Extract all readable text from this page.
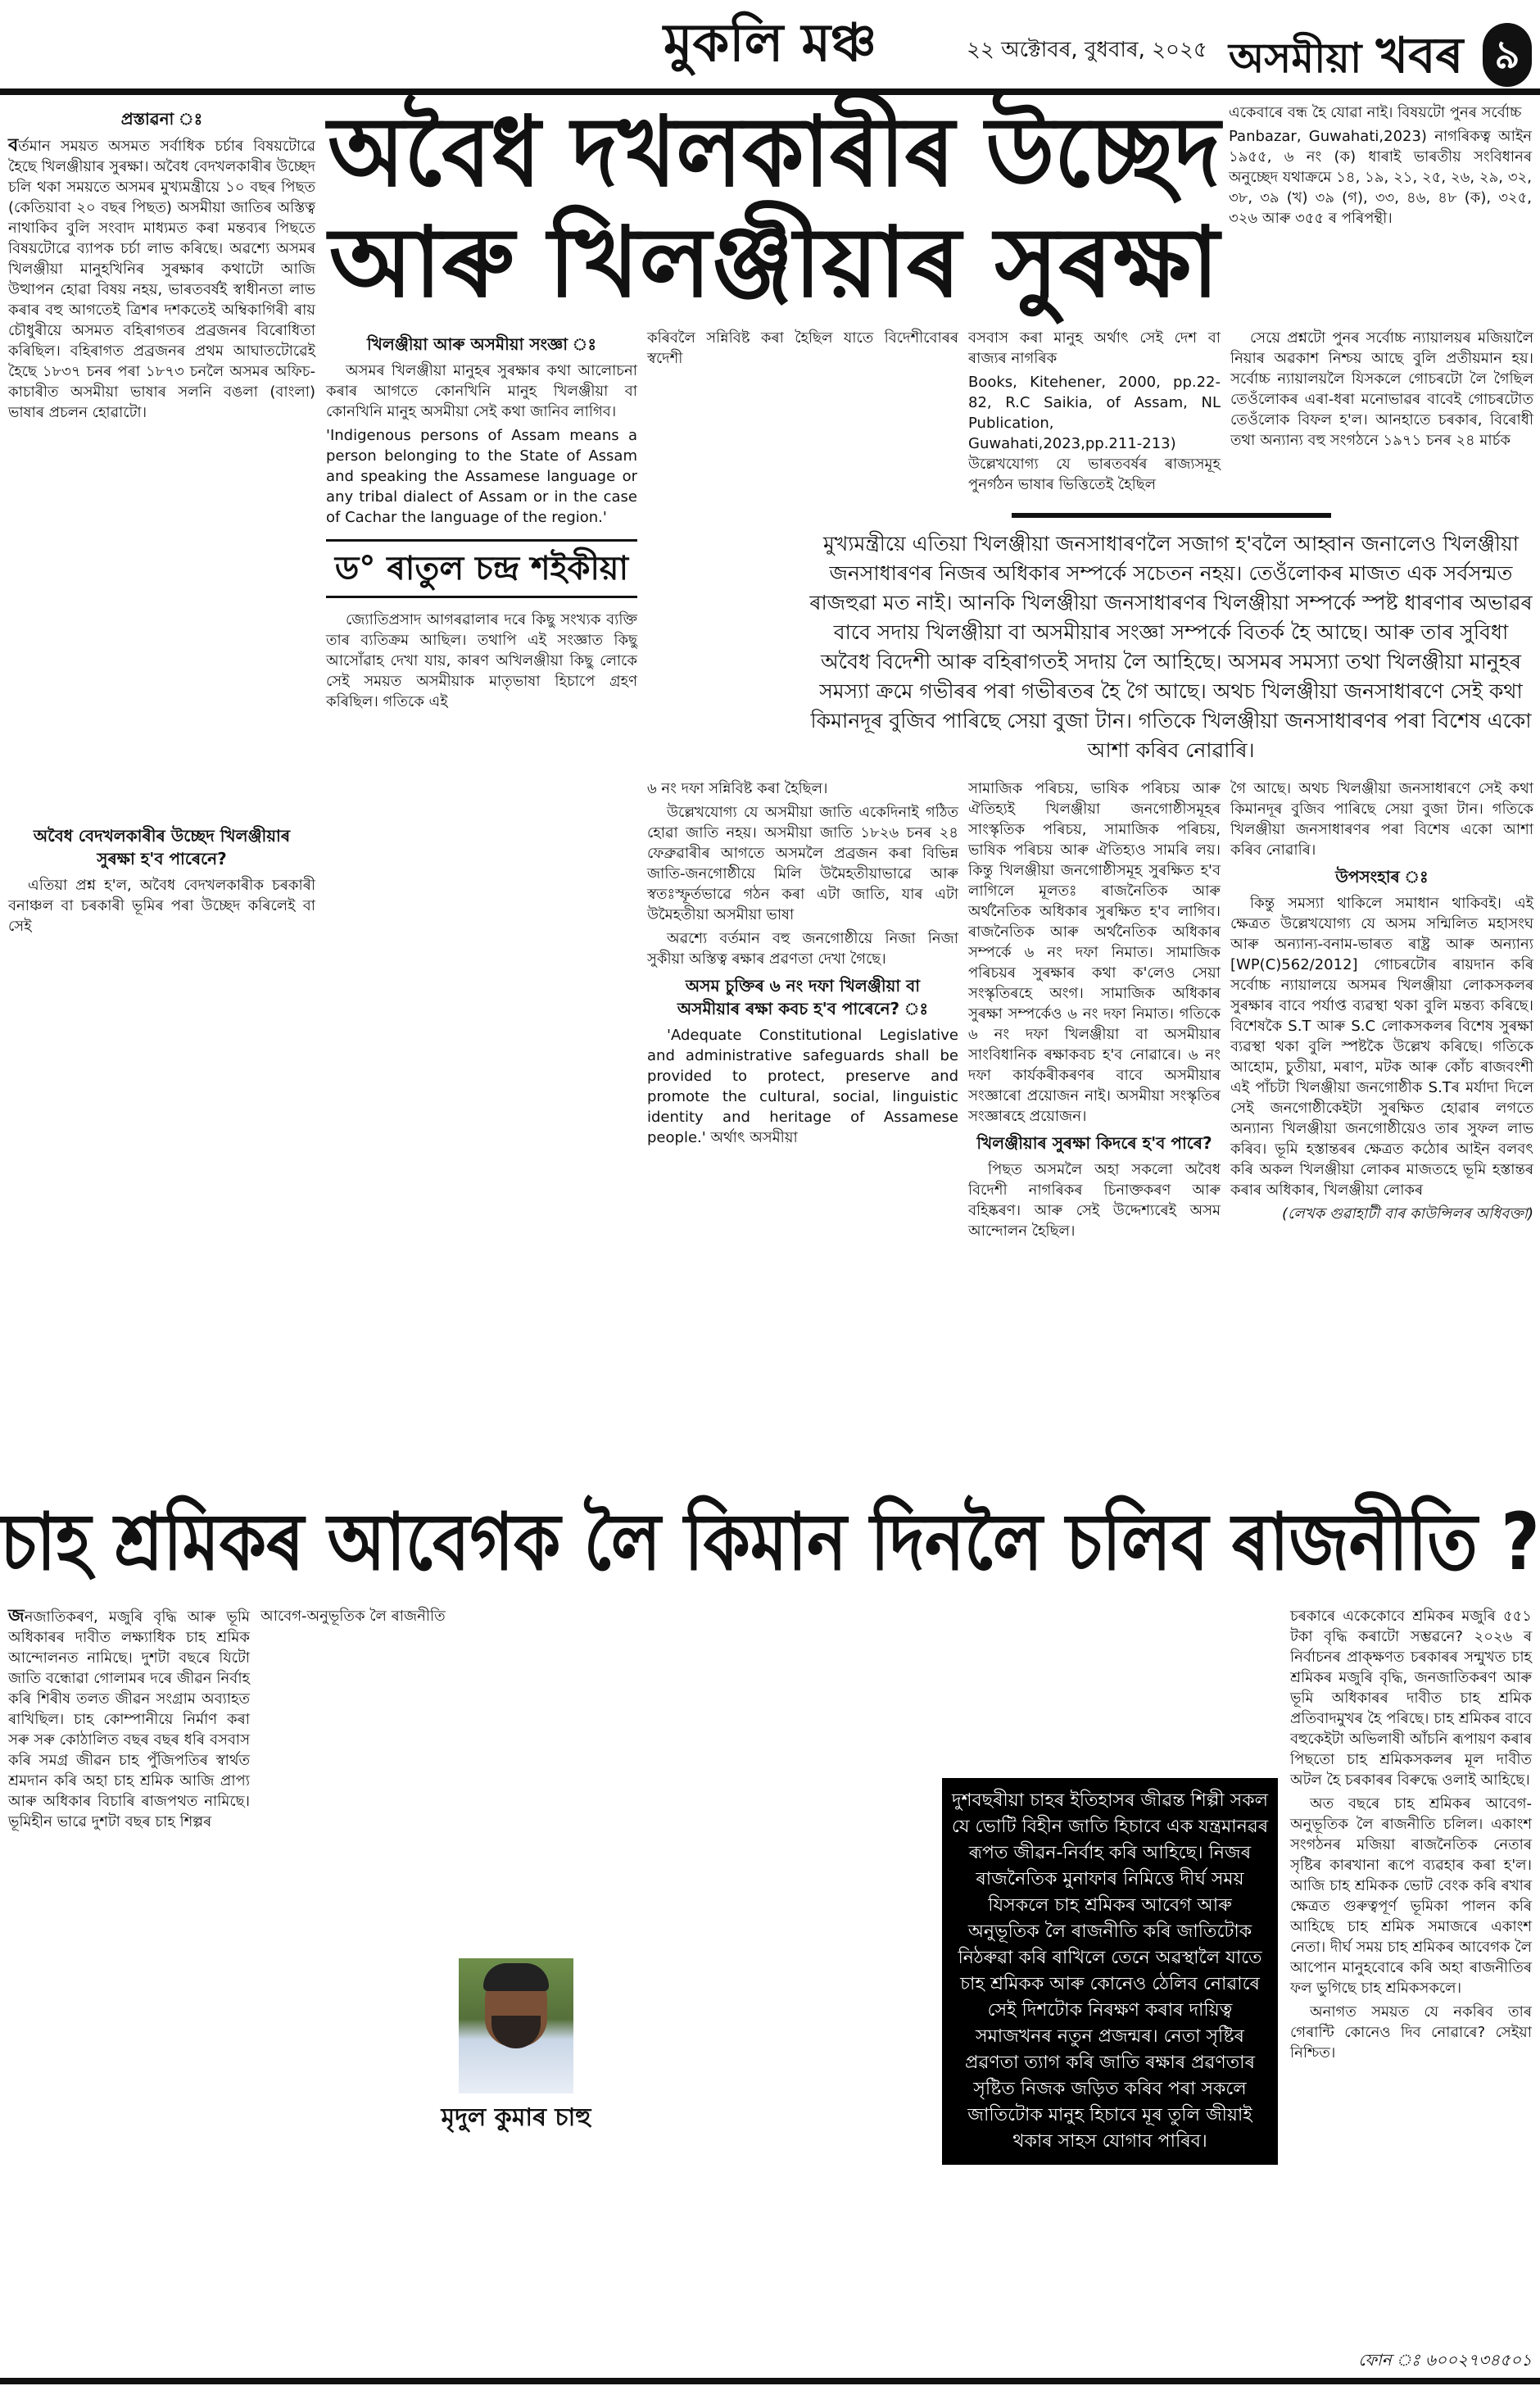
মুকলি মঞ্চ	২২ অক্টোবৰ, বুধবাৰ, ২০২৫ অসমীয়া খবৰ ৯
অবৈধ দখলকাৰীৰ উচ্ছেদ
আৰু খিলঞ্জীয়াৰ সুৰক্ষা
প্ৰস্তাৱনা ঃ

বৰ্তমান সময়ত অসমত সৰ্বাধিক চৰ্চাৰ বিষয়টোৱে হৈছে খিলঞ্জীয়াৰ সুৰক্ষা। অবৈধ বেদখলকাৰীৰ উচ্ছেদ চলি থকা সময়তে অসমৰ মুখ্যমন্ত্ৰীয়ে ১০ বছৰ পিছত (কেতিয়াবা ২০ বছৰ পিছত) অসমীয়া জাতিৰ অস্তিত্ব নাথাকিব বুলি সংবাদ মাধ্যমত কৰা মন্তব্যৰ পিছতে বিষয়টোৱে ব্যাপক চৰ্চা লাভ কৰিছে। অৱশ্যে অসমৰ খিলঞ্জীয়া মানুহখিনিৰ সুৰক্ষাৰ কথাটো আজি উত্থাপন হোৱা বিষয় নহয়, ভাৰতবৰ্ষই স্বাধীনতা লাভ কৰাৰ বহু আগতেই ত্ৰিশৰ দশকতেই অম্বিকাগিৰী ৰায় চৌধুৰীয়ে অসমত বহিৰাগতৰ প্ৰব্ৰজনৰ বিৰোধিতা কৰিছিল। বহিৰাগত প্ৰব্ৰজনৰ প্ৰথম আঘাতটোৱেই হৈছে ১৮৩৭ চনৰ পৰা ১৮৭৩ চনলৈ অসমৰ অফিচ-কাচাৰীত অসমীয়া ভাষাৰ সলনি বঙলা (বাংলা) ভাষাৰ প্ৰচলন হোৱাটো।

অবৈধ বেদখলকাৰীৰ উচ্ছেদ খিলঞ্জীয়াৰ
সুৰক্ষা হ'ব পাৰেনে?

এতিয়া প্ৰশ্ন হ'ল, অবৈধ বেদখলকাৰীক চৰকাৰী বনাঞ্চল বা চৰকাৰী ভূমিৰ পৰা উচ্ছেদ কৰিলেই বা সেই

খিলঞ্জীয়া আৰু অসমীয়া সংজ্ঞা ঃ

অসমৰ খিলঞ্জীয়া মানুহৰ সুৰক্ষাৰ কথা আলোচনা কৰাৰ আগতে কোনখিনি মানুহ খিলঞ্জীয়া বা কোনখিনি মানুহ অসমীয়া সেই কথা জানিব লাগিব।

'Indigenous persons of Assam means a person belonging to the State of Assam and speaking the Assamese language or any tribal dialect of Assam or in the case of Cachar the language of the region.'

ড° ৰাতুল চন্দ্ৰ শইকীয়া

জ্যোতিপ্ৰসাদ আগৰৱালাৰ দৰে কিছু সংখ্যক ব্যক্তি তাৰ ব্যতিক্ৰম আছিল। তথাপি এই সংজ্ঞাত কিছু আসোঁৱাহ দেখা যায়, কাৰণ অখিলঞ্জীয়া কিছু লোকে সেই সময়ত অসমীয়াক মাতৃভাষা হিচাপে গ্ৰহণ কৰিছিল। গতিকে এই

একেবাৰে বন্ধ হৈ যোৱা নাই। বিষয়টো পুনৰ সৰ্বোচ্চ

Panbazar, Guwahati,2023) নাগৰিকত্ব আইন ১৯৫৫, ৬ নং (ক) ধাৰাই ভাৰতীয় সংবিধানৰ অনুচ্ছেদ যথাক্ৰমে ১৪, ১৯, ২১, ২৫, ২৬, ২৯, ৩২, ৩৮, ৩৯ (খ) ৩৯ (গ), ৩৩, ৪৬, ৪৮ (ক), ৩২৫, ৩২৬ আৰু ৩৫৫ ৰ পৰিপন্থী।

কৰিবলৈ সন্নিবিষ্ট কৰা হৈছিল যাতে বিদেশীবোৰৰ স্বদেশী

বসবাস কৰা মানুহ অৰ্থাৎ সেই দেশ বা ৰাজ্যৰ নাগৰিক

Books, Kitehener, 2000, pp.22-82, R.C Saikia, of Assam, NL Publication, Guwahati,2023,pp.211-213) উল্লেখযোগ্য যে ভাৰতবৰ্ষৰ ৰাজ্যসমূহ পুনৰ্গঠন ভাষাৰ ভিত্তিতেই হৈছিল

সেয়ে প্ৰশ্নটো পুনৰ সৰ্বোচ্চ ন্যায়ালয়ৰ মজিয়ালৈ নিয়াৰ অৱকাশ নিশ্চয় আছে বুলি প্ৰতীয়মান হয়। সৰ্বোচ্চ ন্যায়ালয়লৈ যিসকলে গোচৰটো লৈ গৈছিল তেওঁলোকৰ এৰা-ধৰা মনোভাৱৰ বাবেই গোচৰটোত তেওঁলোক বিফল হ'ল। আনহাতে চৰকাৰ, বিৰোধী তথা অন্যান্য বহু সংগঠনে ১৯৭১ চনৰ ২৪ মাৰ্চক

মুখ্যমন্ত্ৰীয়ে এতিয়া খিলঞ্জীয়া জনসাধাৰণলৈ সজাগ হ'বলৈ আহ্বান জনালেও খিলঞ্জীয়া জনসাধাৰণৰ নিজৰ অধিকাৰ সম্পৰ্কে সচেতন নহয়। তেওঁলোকৰ মাজত এক সৰ্বসন্মত ৰাজহুৱা মত নাই। আনকি খিলঞ্জীয়া জনসাধাৰণৰ খিলঞ্জীয়া সম্পৰ্কে স্পষ্ট ধাৰণাৰ অভাৱৰ বাবে সদায় খিলঞ্জীয়া বা অসমীয়াৰ সংজ্ঞা সম্পৰ্কে বিতৰ্ক হৈ আছে। আৰু তাৰ সুবিধা অবৈধ বিদেশী আৰু বহিৰাগতই সদায় লৈ আহিছে। অসমৰ সমস্যা তথা খিলঞ্জীয়া মানুহৰ সমস্যা ক্ৰমে গভীৰৰ পৰা গভীৰতৰ হৈ গৈ আছে। অথচ খিলঞ্জীয়া জনসাধাৰণে সেই কথা কিমানদূৰ বুজিব পাৰিছে সেয়া বুজা টান। গতিকে খিলঞ্জীয়া জনসাধাৰণৰ পৰা বিশেষ একো আশা কৰিব নোৱাৰি।

৬ নং দফা সন্নিবিষ্ট কৰা হৈছিল।

উল্লেখযোগ্য যে অসমীয়া জাতি একেদিনাই গঠিত হোৱা জাতি নহয়। অসমীয়া জাতি ১৮২৬ চনৰ ২৪ ফেব্ৰুৱাৰীৰ আগতে অসমলৈ প্ৰব্ৰজন কৰা বিভিন্ন জাতি-জনগোষ্ঠীয়ে মিলি উমৈহতীয়াভাৱে আৰু স্বতঃস্ফূৰ্তভাৱে গঠন কৰা এটা জাতি, যাৰ এটা উমৈহতীয়া অসমীয়া ভাষা

অৱশ্যে বৰ্তমান বহু জনগোষ্ঠীয়ে নিজা নিজা সুকীয়া অস্তিত্ব ৰক্ষাৰ প্ৰৱণতা দেখা গৈছে।

অসম চুক্তিৰ ৬ নং দফা খিলঞ্জীয়া বা
অসমীয়াৰ ৰক্ষা কবচ হ'ব পাৰেনে? ঃ

'Adequate Constitutional Legislative and administrative safeguards shall be provided to protect, preserve and promote the cultural, social, linguistic identity and heritage of Assamese people.' অৰ্থাৎ অসমীয়া

সামাজিক পৰিচয়, ভাষিক পৰিচয় আৰু ঐতিহ্যই খিলঞ্জীয়া জনগোষ্ঠীসমূহৰ সাংস্কৃতিক পৰিচয়, সামাজিক পৰিচয়, ভাষিক পৰিচয় আৰু ঐতিহ্যও সামৰি লয়। কিন্তু খিলঞ্জীয়া জনগোষ্ঠীসমূহ সুৰক্ষিত হ'ব লাগিলে মূলতঃ ৰাজনৈতিক আৰু অৰ্থনৈতিক অধিকাৰ সুৰক্ষিত হ'ব লাগিব। ৰাজনৈতিক আৰু অৰ্থনৈতিক অধিকাৰ সম্পৰ্কে ৬ নং দফা নিমাত। সামাজিক পৰিচয়ৰ সুৰক্ষাৰ কথা ক'লেও সেয়া সংস্কৃতিৰহে অংগ। সামাজিক অধিকাৰ সুৰক্ষা সম্পৰ্কেও ৬ নং দফা নিমাত। গতিকে ৬ নং দফা খিলঞ্জীয়া বা অসমীয়াৰ সাংবিধানিক ৰক্ষাকবচ হ'ব নোৱাৰে। ৬ নং দফা কাৰ্যকৰীকৰণৰ বাবে অসমীয়াৰ সংজ্ঞাৰো প্ৰয়োজন নাই। অসমীয়া সংস্কৃতিৰ সংজ্ঞাৰহে প্ৰয়োজন।

খিলঞ্জীয়াৰ সুৰক্ষা কিদৰে হ'ব পাৰে?

পিছত অসমলৈ অহা সকলো অবৈধ বিদেশী নাগৰিকৰ চিনাক্তকৰণ আৰু বহিষ্কৰণ। আৰু সেই উদ্দেশ্যৰেই অসম আন্দোলন হৈছিল।

গৈ আছে। অথচ খিলঞ্জীয়া জনসাধাৰণে সেই কথা কিমানদূৰ বুজিব পাৰিছে সেয়া বুজা টান। গতিকে খিলঞ্জীয়া জনসাধাৰণৰ পৰা বিশেষ একো আশা কৰিব নোৱাৰি।

উপসংহাৰ ঃ

কিন্তু সমস্যা থাকিলে সমাধান থাকিবই। এই ক্ষেত্ৰত উল্লেখযোগ্য যে অসম সন্মিলিত মহাসংঘ আৰু অন্যান্য-বনাম-ভাৰত ৰাষ্ট্ৰ আৰু অন্যান্য [WP(C)562/2012] গোচৰটোৰ ৰায়দান কৰি সৰ্বোচ্চ ন্যায়ালয়ে অসমৰ খিলঞ্জীয়া লোকসকলৰ সুৰক্ষাৰ বাবে পৰ্যাপ্ত ব্যৱস্থা থকা বুলি মন্তব্য কৰিছে। বিশেষকৈ S.T আৰু S.C লোকসকলৰ বিশেষ সুৰক্ষা ব্যৱস্থা থকা বুলি স্পষ্টকৈ উল্লেখ কৰিছে। গতিকে আহোম, চুতীয়া, মৰাণ, মটক আৰু কোঁচ ৰাজবংশী এই পাঁচটা খিলঞ্জীয়া জনগোষ্ঠীক S.Tৰ মৰ্যাদা দিলে সেই জনগোষ্ঠীকেইটা সুৰক্ষিত হোৱাৰ লগতে অন্যান্য খিলঞ্জীয়া জনগোষ্ঠীয়েও তাৰ সুফল লাভ কৰিব। ভূমি হস্তান্তৰৰ ক্ষেত্ৰত কঠোৰ আইন বলবৎ কৰি অকল খিলঞ্জীয়া লোকৰ মাজতহে ভূমি হস্তান্তৰ কৰাৰ অধিকাৰ, খিলঞ্জীয়া লোকৰ

(লেখক গুৱাহাটী বাৰ কাউন্সিলৰ অধিবক্তা)
চাহ শ্ৰমিকৰ আবেগক লৈ কিমান দিনলৈ চলিব ৰাজনীতি ?

জনজাতিকৰণ, মজুৰি বৃদ্ধি আৰু ভূমি অধিকাৰৰ দাবীত লক্ষ্যাধিক চাহ শ্ৰমিক আন্দোলনত নামিছে। দুশটা বছৰে যিটো জাতি বন্ধোৱা গোলামৰ দৰে জীৱন নিৰ্বাহ কৰি শিৰীষ তলত জীৱন সংগ্ৰাম অব্যাহত ৰাখিছিল। চাহ কোম্পানীয়ে নিৰ্মাণ কৰা সৰু সৰু কোঠালিত বছৰ বছৰ ধৰি বসবাস কৰি সমগ্ৰ জীৱন চাহ পুঁজিপতিৰ স্বাৰ্থত শ্ৰমদান কৰি অহা চাহ শ্ৰমিক আজি প্ৰাপ্য আৰু অধিকাৰ বিচাৰি ৰাজপথত নামিছে। ভূমিহীন ভাৱে দুশটা বছৰ চাহ শিল্পৰ

আবেগ-অনুভূতিক লৈ ৰাজনীতি

মৃদুল কুমাৰ চাহু
দুশবছৰীয়া চাহৰ ইতিহাসৰ জীৱন্ত শিল্পী সকল যে ভোটি বিহীন জাতি হিচাবে এক যন্ত্ৰমানৱৰ ৰূপত জীৱন-নিৰ্বাহ কৰি আহিছে। নিজৰ ৰাজনৈতিক মুনাফাৰ নিমিত্তে দীৰ্ঘ সময় যিসকলে চাহ শ্ৰমিকৰ আবেগ আৰু অনুভূতিক লৈ ৰাজনীতি কৰি জাতিটোক নিঠৰুৱা কৰি ৰাখিলে তেনে অৱস্থালৈ যাতে চাহ শ্ৰমিকক আৰু কোনেও ঠেলিব নোৱাৰে সেই দিশটোক নিৰক্ষণ কৰাৰ দায়িত্ব সমাজখনৰ নতুন প্ৰজন্মৰ। নেতা সৃষ্টিৰ প্ৰৱণতা ত্যাগ কৰি জাতি ৰক্ষাৰ প্ৰৱণতাৰ সৃষ্টিত নিজক জড়িত কৰিব পৰা সকলে জাতিটোক মানুহ হিচাবে মূৰ তুলি জীয়াই থকাৰ সাহস যোগাব পাৰিব।

চৰকাৰে একেকোবে শ্ৰমিকৰ মজুৰি ৫৫১ টকা বৃদ্ধি কৰাটো সম্ভৱনে? ২০২৬ ৰ নিৰ্বাচনৰ প্ৰাক্‌ক্ষণত চৰকাৰৰ সন্মুখত চাহ শ্ৰমিকৰ মজুৰি বৃদ্ধি, জনজাতিকৰণ আৰু ভূমি অধিকাৰৰ দাবীত চাহ শ্ৰমিক প্ৰতিবাদমুখৰ হৈ পৰিছে। চাহ শ্ৰমিকৰ বাবে বহুকেইটা অভিলাষী আঁচনি ৰূপায়ণ কৰাৰ পিছতো চাহ শ্ৰমিকসকলৰ মূল দাবীত অটল হৈ চৰকাৰৰ বিৰুদ্ধে ওলাই আহিছে।

অত বছৰে চাহ শ্ৰমিকৰ আবেগ-অনুভূতিক লৈ ৰাজনীতি চলিল। একাংশ সংগঠনৰ মজিয়া ৰাজনৈতিক নেতাৰ সৃষ্টিৰ কাৰখানা ৰূপে ব্যৱহাৰ কৰা হ'ল। আজি চাহ শ্ৰমিকক ভোট বেংক কৰি ৰখাৰ ক্ষেত্ৰত গুৰুত্বপূৰ্ণ ভূমিকা পালন কৰি আহিছে চাহ শ্ৰমিক সমাজৰে একাংশ নেতা। দীৰ্ঘ সময় চাহ শ্ৰমিকৰ আবেগক লৈ আপোন মানুহবোৰে কৰি অহা ৰাজনীতিৰ ফল ভুগিছে চাহ শ্ৰমিকসকলে।

অনাগত সময়ত যে নকৰিব তাৰ গেৰান্টি কোনেও দিব নোৱাৰে? সেইয়া নিশ্চিত।

ফোন ঃ ৬০০২৭৩৪৫০১
